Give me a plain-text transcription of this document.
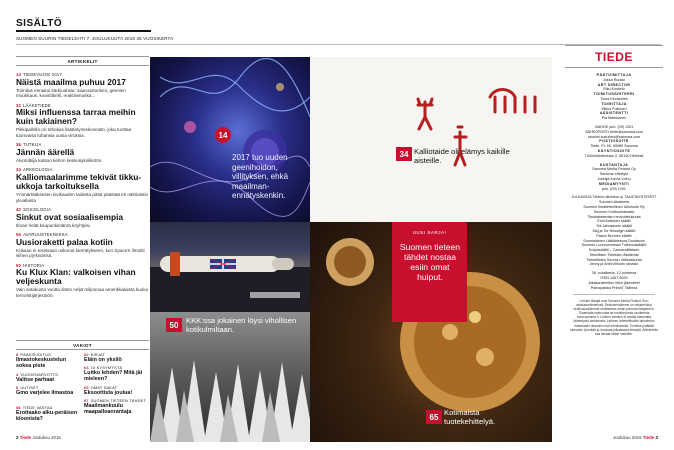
SISÄLTÖ
SUOMEN SUURIN TIEDELEHTI 7. JOULUKUUTA 2016 36.VUOSIKERTA
ARTIKKELIT
14 TIEDEVUOSI 2017
Näistä maailma puhuu 2017
Toimitus ennakoi kärkiuutisia: avaruusturismi, geenien muokkaus, kvanttitietli, reaktiivinuska...
32 LÄÄKETIEDE
Miksi influenssa tarraa meihin kuin takiainen?
Pikkipallollo on tehokas lisääntymiskoneisto, joka tuottaa tuumassa tuhansia uusia viruksia.
36 TUTKIJA
Jännän äärellä
Älvotutkija katsoo kehon keskusyksikköön.
34 ARKEOLOGIA
Kalliomaalarimme tekivät tikku-ukkoja tarkoituksella
Ymmärtääksesen kivikauden taidetta pitää päästää irti näköaistin ylivallasta
42 SOSIOLOGIA
Sinkut ovat sosiaalisempia
Ilman heitä kaupunkielämä köyhtyisi.
56 AVARUUSTEKNIIKKA
Uusioraketti palaa kotiin
Kukaan ei tosissaan uskonut kierrätykseen, kun SpaceX ilmoitti siihen pyrkivänsä.
50 HISTORIA
Ku Klux Klan: valkoisen vihan veljeskunta
Vain satakunta vuotta sitten neljä miljoonaa amerikkalaista kuului terroristijärjestöön.
VAKIOT
8 PÄÄKIRJOITUS
Ilmastokeskustelun sokea piste
4 VUODENARVOTTS
Valitse parhaat
6 UUTISET
Gmo varjelee ilmastoa
58 TIEDE VASTAA
Erottaako alku-peräisen kloonista?
62 KIRJAT
Eläin on yksilö
64 10 KYSYMYSTÄ
Luitko lehden? Mitä jäi mieleen?
65 OMAT SAKAT
Eksoottista joulua!
67 SUOMEN TIETEEN TÄHDET
Maailmankuulu maapalloanrantaja
14
2017 tuo uuden geenihoidon, villityksen, ehkä maailman-ennätyskenkin.
34 Kalliotaide oli elämys kaikille aisteille.
50 KKK:ssa jokainen löysi vihollisen kotikulmiltaan.
65 Kotimaista tuotekehittelyä.
UUSI SARJA!
Suomen tieteen tähdet nostaa esiin omat huiput.
TIEDE
PÄÄTOIMITTAJA
Jukka Ruukki
ART DIRECTOR
Riku Koskelo
TOIMITUSSIHTEERI
Tuula Kinnarinen
TOIMITTAJA
Mikko Pullonen
ASSISTENTTI
Pia Markkanen
VAIHDE puh. (09) 1201
SÄHKÖPOSTI tiede@sanoma.com
etunimi.sukunimi@sanoma.com
POSTIOSOITE
Tiede, PL 65, 00089 Sanoma
KÄYNTIOSOITE
Töölönlahdenkatu 2, 00100 Helsinki
KUSTANTAJA
Sanoma Media Finland Oy
Sanoma Lifestyle
Johtaja Jonna Liehu
MEDIAMYYNTI
puh. (09) 1201
JULKAISIJA Tieteen tiedotus ry. TAUSTAYHTEISÖT
Suomen Akatemia
Suomen Ilmatieteellinen Ulkohoito Ry
Suomen Kulttuurirahasto
Tiedeakatemian neuvottelukunta
Emil Aaltosen säätiö
Ylä-Jahnssonin säätiö
Maj ja Tor Nessligin säätiö
Paavo Nurmen säätiö
Suomalainen Lääkäriseura Duodecim
Suomen Luonnonvarain Tutkimussäätiö
Svöpksäätiö – Cancerstiftelsen
Teknillisen Tieteiden Akatemia
Tieteellisten Seurain Valtuuskunta
Jenny ja Antti Wihurin rahasto
36. vuosikerta, 12 numeroa
ISSN 1457-9030
Aikakauslehtien liiton jäsenlehti
Painopaikka PrintaT Tallinna
Lehden tilaajat ovat Sanoma Media Finland Oy:n asiakasrekisterissä. Rekisterissämme on rekisteröidyt verkkosivuillamme osoittaessa oman panosta tilaajamme. Tilaamatta mainontaa tai markkinointia osoitteesta www.sanoma.fi. Lehden toimitus ei vastaa tilaamatta lähetetystä aineistosta. Lehteen lähetettäväksi tarkoitetun materiaalin oikeudet ovat toimituksella. Toimitus pidättää oikeuden lyhentää ja muokata julkaistavia tekstejä. Artikkeleita saa lainata lähde mainiten.
2 Tiede Joulukuu 2016	Joulukuu 2016 Tiede 3
